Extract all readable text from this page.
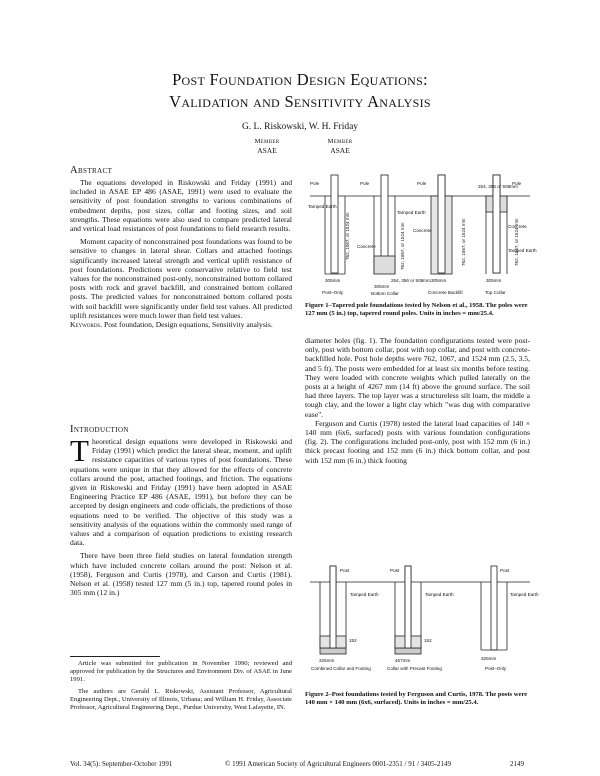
Post Foundation Design Equations:
Validation and Sensitivity Analysis
G. L. Riskowski, W. H. Friday
Member
ASAE
Member
ASAE
Abstract

The equations developed in Riskowski and Friday (1991) and included in ASAE EP 486 (ASAE, 1991) were used to evaluate the sensitivity of post foundation strengths to various combinations of embedment depths, post sizes, collar and footing sizes, and soil strengths. These equations were also used to compare predicted lateral and vertical load resistances of post foundations to field research results.

Moment capacity of nonconstrained post foundations was found to be sensitive to changes in lateral shear. Collars and attached footings significantly increased lateral strength and vertical uplift resistance of post foundations. Predictions were conservative relative to field test values for the nonconstrained post-only, nonconstrained bottom collared posts with rock and gravel backfill, and constrained bottom collared posts. The predicted values for nonconstrained bottom collared posts with soil backfill were significantly under field test values. All predicted uplift resistances were much lower than field test values.

Keywords. Post foundation, Design equations, Sensitivity analysis.

Introduction

Theoretical design equations were developed in Riskowski and Friday (1991) which predict the lateral shear, moment, and uplift resistance capacities of various types of post foundations. These equations were unique in that they allowed for the effects of concrete collars around the post, attached footings, and friction. The equations given in Riskowski and Friday (1991) have been adopted in ASAE Engineering Practice EP 486 (ASAE, 1991), but before they can be accepted by design engineers and code officials, the predictions of those equations need to be verified. The objective of this study was a sensitivity analysis of the equations within the commonly used range of values and a comparison of equation predictions to existing research data.

There have been three field studies on lateral foundation strength which have included concrete collars around the post: Nelson et al. (1958), Ferguson and Curtis (1978), and Carson and Curtis (1981). Nelson et al. (1958) tested 127 mm (5 in.) top, tapered round poles in 305 mm (12 in.)

Article was submitted for publication in November 1990; reviewed and approved for publication by the Structures and Environment Div. of ASAE in June 1991.

The authors are Gerald L. Riskowski, Assistant Professor, Agricultural Engineering Dept., University of Illinois, Urbana; and William H. Friday, Associate Professor, Agricultural Engineering Dept., Purdue University, West Lafayette, IN.

Pole	Pole	Pole	Pole
Tamped Earth
Tamped Earth
Tamped Earth
Concrete
Concrete
Concrete
254, 356 or 508mm
254, 356 or 508mm
305mm
305mm
305mm	305mm
Post–Only	Bottom Collar	Concrete Backfill	Top Collar
762, 1067, or 1524 mm	762, 1067, or 1524 mm	762, 1067, or 1524 mm	762, 1067, or 1524 mm
Figure 1–Tapered pole foundations tested by Nelson et al., 1958. The poles were 127 mm (5 in.) top, tapered round poles. Units in inches = mm/25.4.

diameter holes (fig. 1). The foundation configurations tested were post-only, post with bottom collar, post with top collar, and post with concrete-backfilled hole. Post hole depths were 762, 1067, and 1524 mm (2.5, 3.5, and 5 ft). The posts were embedded for at least six months before testing. They were loaded with concrete weights which pulled laterally on the posts at a height of 4267 mm (14 ft) above the ground surface. The soil had three layers. The top layer was a structureless silt loam, the middle a tough clay, and the lower a light clay which "was dug with comparative ease".

Ferguson and Curtis (1978) tested the lateral load capacities of 140 × 140 mm (6x6, surfaced) posts with various foundation configurations (fig. 2). The configurations included post-only, post with 152 mm (6 in.) thick precast footing and 152 mm (6 in.) thick bottom collar, and post with 152 mm (6 in.) thick footing

Post	Post	Post
Tamped Earth	Tamped Earth	Tamped Earth
152	152
325mm	457mm	325mm
Combined Collar and Footing	Collar with Precast Footing	Post–Only
Figure 2–Post foundations tested by Ferguson and Curtis, 1978. The posts were 140 mm × 140 mm (6x6, surfaced). Units in inches = mm/25.4.
Vol. 34(5): September-October 1991	© 1991 American Society of Agricultural Engineers 0001-2351 / 91 / 3405-2149	2149
